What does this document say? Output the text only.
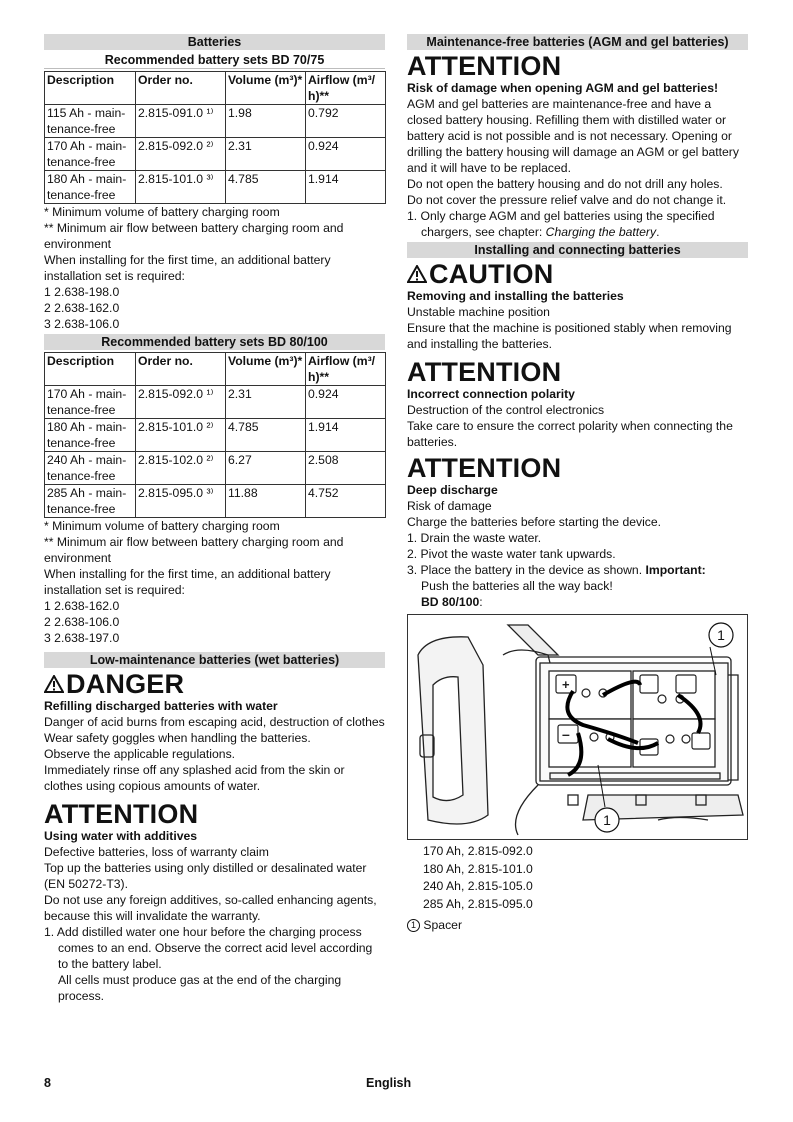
Batteries
Recommended battery sets BD 70/75
Description	Order no.	Volume (m³)*	Airflow (m³/ h)**
115 Ah - main-tenance-free	2.815-091.0 ¹⁾	1.98	0.792
170 Ah - main-tenance-free	2.815-092.0 ²⁾	2.31	0.924
180 Ah - main-tenance-free	2.815-101.0 ³⁾	4.785	1.914

* Minimum volume of battery charging room

** Minimum air flow between battery charging room and environment

When installing for the first time, an additional battery installation set is required:

1 2.638-198.0

2 2.638-162.0

3 2.638-106.0

Recommended battery sets BD 80/100
Description	Order no.	Volume (m³)*	Airflow (m³/ h)**
170 Ah - main-tenance-free	2.815-092.0 ¹⁾	2.31	0.924
180 Ah - main-tenance-free	2.815-101.0 ²⁾	4.785	1.914
240 Ah - main-tenance-free	2.815-102.0 ²⁾	6.27	2.508
285 Ah - main-tenance-free	2.815-095.0 ³⁾	11.88	4.752

* Minimum volume of battery charging room

** Minimum air flow between battery charging room and environment

When installing for the first time, an additional battery installation set is required:

1 2.638-162.0

2 2.638-106.0

3 2.638-197.0

Low-maintenance batteries (wet batteries)
DANGER

Refilling discharged batteries with water

Danger of acid burns from escaping acid, destruction of clothes

Wear safety goggles when handling the batteries.

Observe the applicable regulations.

Immediately rinse off any splashed acid from the skin or clothes using copious amounts of water.

ATTENTION

Using water with additives

Defective batteries, loss of warranty claim

Top up the batteries using only distilled or desalinated water (EN 50272-T3).

Do not use any foreign additives, so-called enhancing agents, because this will invalidate the warranty.

1. Add distilled water one hour before the charging process comes to an end. Observe the correct acid level according to the battery label.

All cells must produce gas at the end of the charging process.

Maintenance-free batteries (AGM and gel batteries)
ATTENTION

Risk of damage when opening AGM and gel batteries!

AGM and gel batteries are maintenance-free and have a closed battery housing. Refilling them with distilled water or battery acid is not possible and is not necessary. Opening or drilling the battery housing will damage an AGM or gel battery and it will have to be replaced.

Do not open the battery housing and do not drill any holes.

Do not cover the pressure relief valve and do not change it.

1. Only charge AGM and gel batteries using the specified chargers, see chapter: Charging the battery.
Installing and connecting batteries
CAUTION

Removing and installing the batteries

Unstable machine position

Ensure that the machine is positioned stably when removing and installing the batteries.

ATTENTION

Incorrect connection polarity

Destruction of the control electronics

Take care to ensure the correct polarity when connecting the batteries.

ATTENTION

Deep discharge

Risk of damage

Charge the batteries before starting the device.

1. Drain the waste water.
2. Pivot the waste water tank upwards.
3. Place the battery in the device as shown. Important:

Push the batteries all the way back!

BD 80/100:

+
–
1
1

170 Ah, 2.815-092.0

180 Ah, 2.815-101.0

240 Ah, 2.815-105.0

285 Ah, 2.815-095.0

1 Spacer

8	English
